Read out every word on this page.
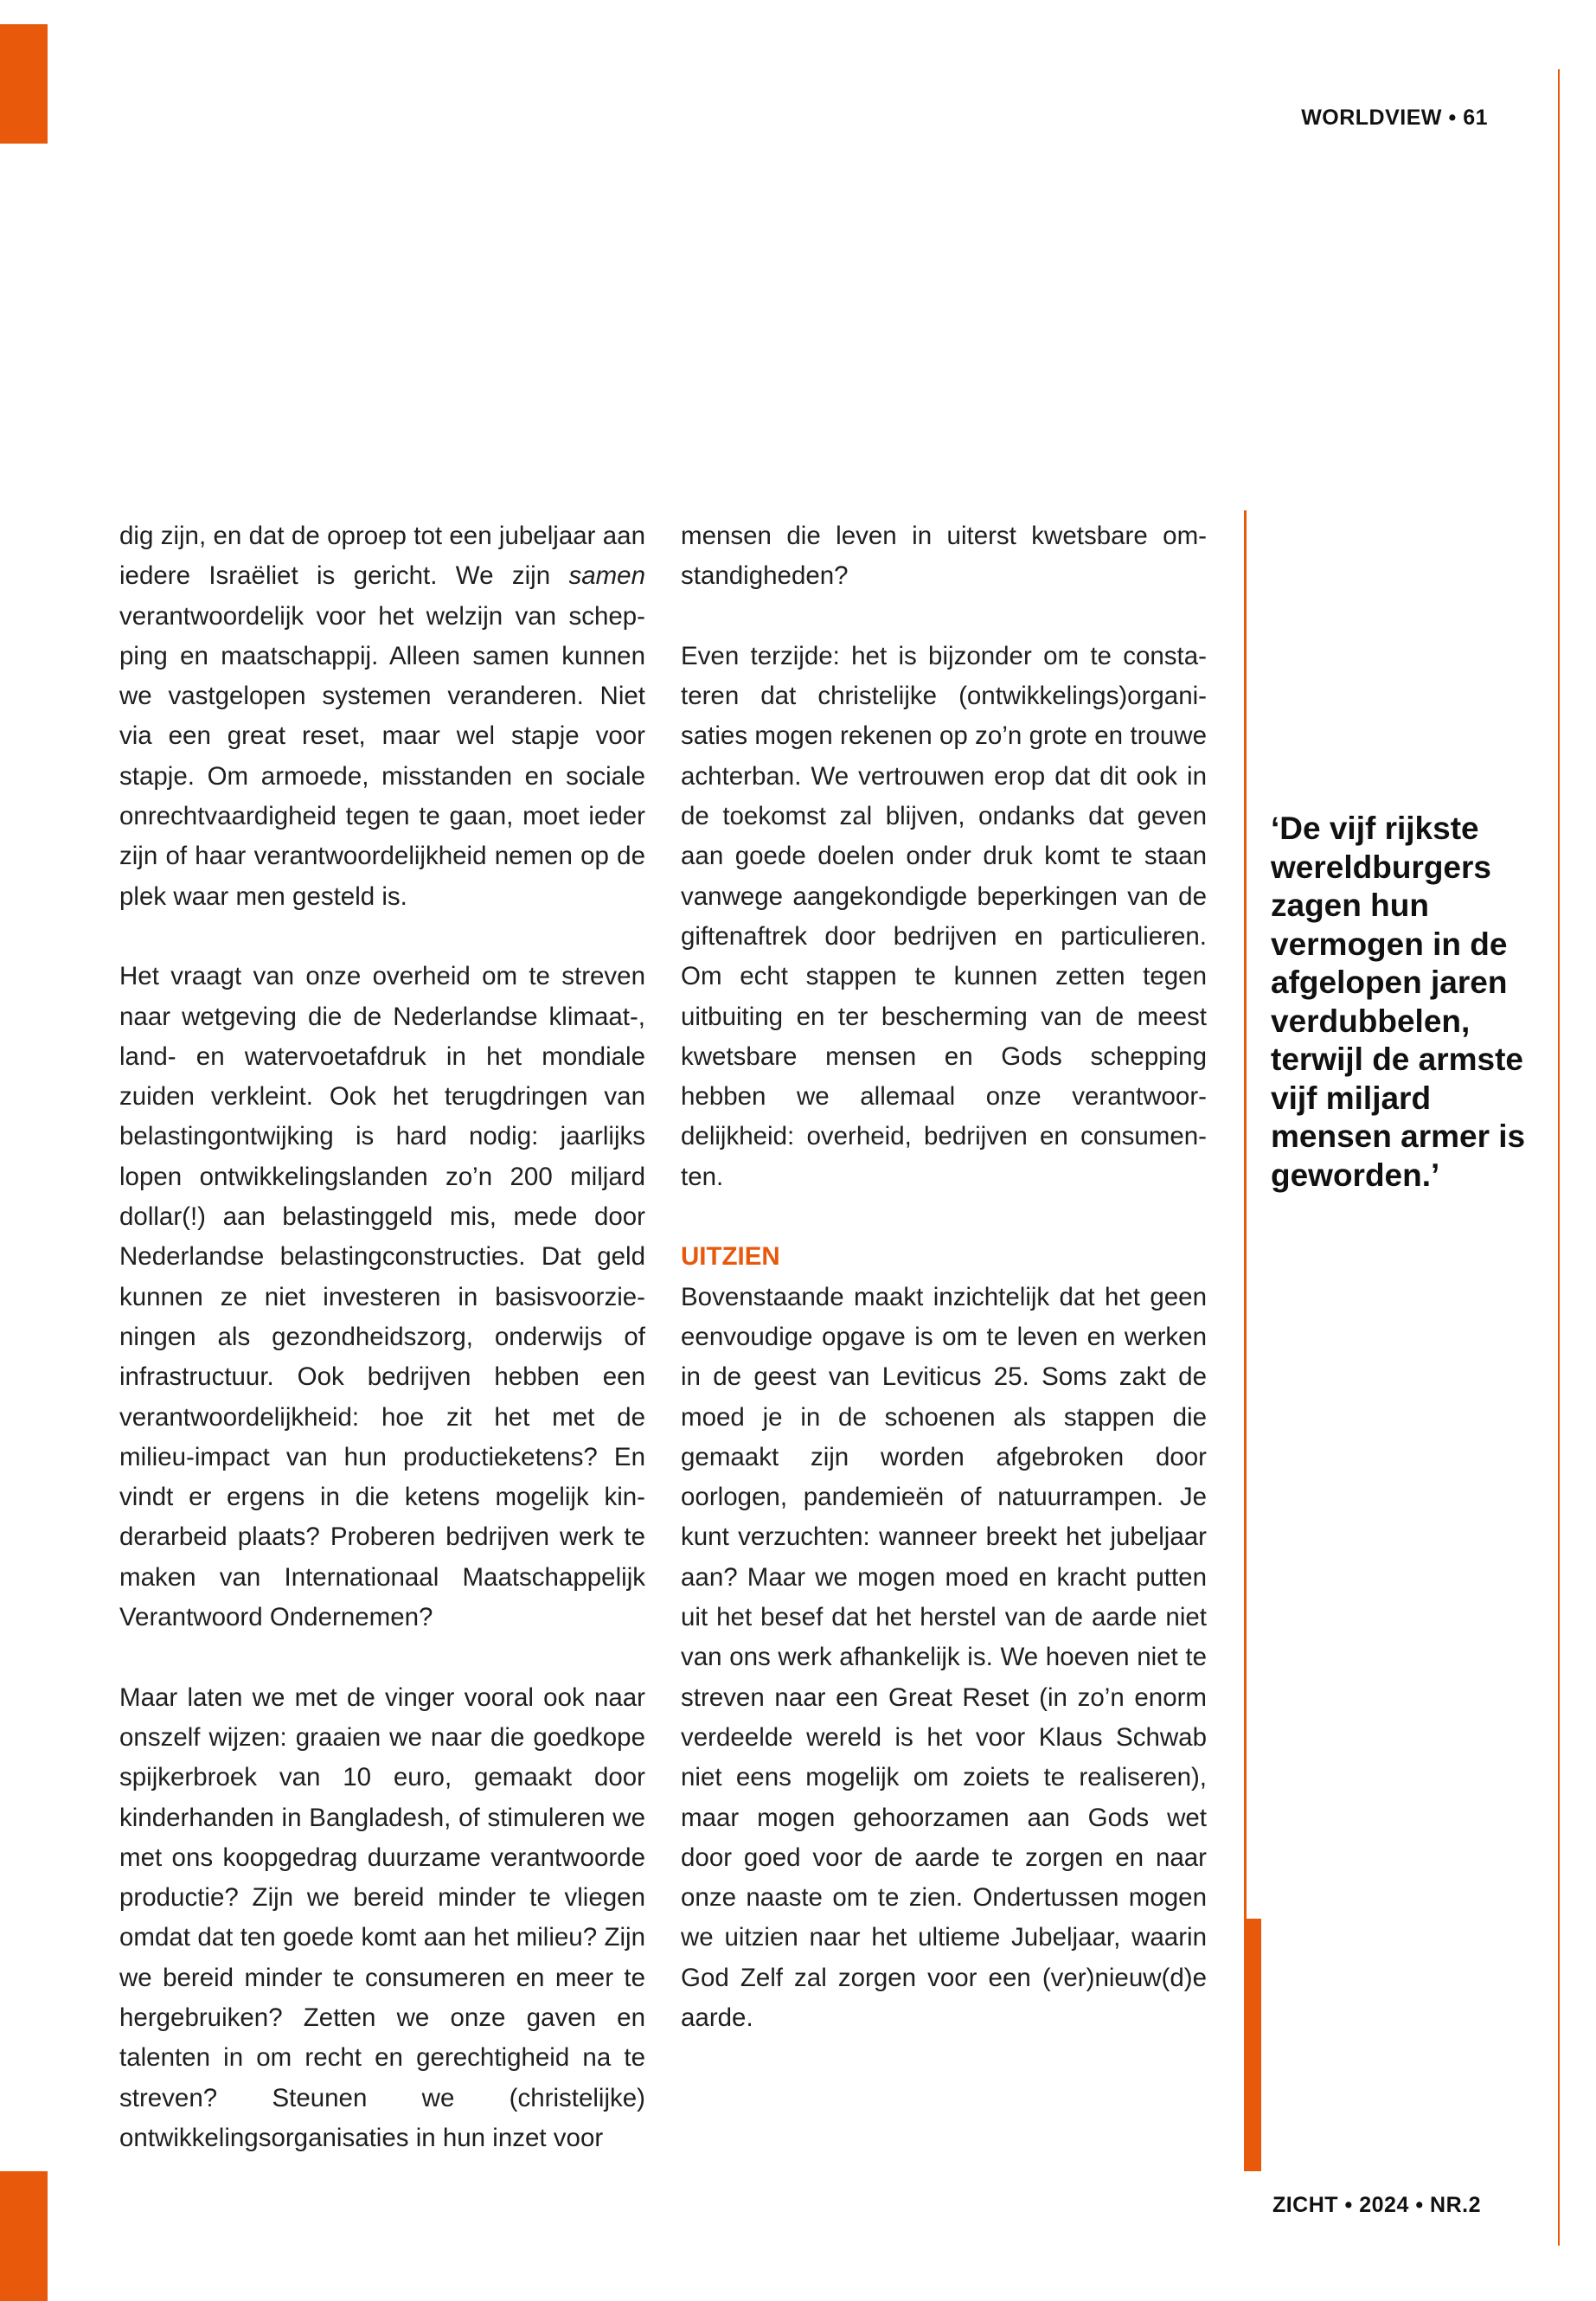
WORLDVIEW • 61

dig zijn, en dat de oproep tot een jubeljaar aan iedere Israëliet is gericht. We zijn samen verantwoordelijk voor het welzijn van schepping en maatschappij. Alleen samen kunnen we vastgelopen systemen veranderen. Niet via een great reset, maar wel stapje voor stapje. Om armoede, misstanden en sociale onrechtvaardigheid tegen te gaan, moet ieder zijn of haar verantwoordelijkheid nemen op de plek waar men gesteld is.

Het vraagt van onze overheid om te streven naar wetgeving die de Nederlandse klimaat-, land- en watervoetafdruk in het mondiale zuiden verkleint. Ook het terugdringen van belastingontwijking is hard nodig: jaarlijks lopen ontwikkelingslanden zo’n 200 miljard dollar(!) aan belastinggeld mis, mede door Nederlandse belastingconstructies. Dat geld kunnen ze niet investeren in basisvoorzieningen als gezondheidszorg, onderwijs of infrastructuur. Ook bedrijven hebben een verantwoordelijkheid: hoe zit het met de milieu-impact van hun productieketens? En vindt er ergens in die ketens mogelijk kinderarbeid plaats? Proberen bedrijven werk te maken van Internationaal Maatschappelijk Verantwoord Ondernemen?

Maar laten we met de vinger vooral ook naar onszelf wijzen: graaien we naar die goedkope spijkerbroek van 10 euro, gemaakt door kinderhanden in Bangladesh, of stimuleren we met ons koopgedrag duurzame verantwoorde productie? Zijn we bereid minder te vliegen omdat dat ten goede komt aan het milieu? Zijn we bereid minder te consumeren en meer te hergebruiken? Zetten we onze gaven en talenten in om recht en gerechtigheid na te streven? Steunen we (christelijke) ontwikkelingsorganisaties in hun inzet voor

mensen die leven in uiterst kwetsbare omstandigheden?

Even terzijde: het is bijzonder om te constateren dat christelijke (ontwikkelings)organisaties mogen rekenen op zo’n grote en trouwe achterban. We vertrouwen erop dat dit ook in de toekomst zal blijven, ondanks dat geven aan goede doelen onder druk komt te staan vanwege aangekondigde beperkingen van de giftenaftrek door bedrijven en particulieren. Om echt stappen te kunnen zetten tegen uitbuiting en ter bescherming van de meest kwetsbare mensen en Gods schepping hebben we allemaal onze verantwoordelijkheid: overheid, bedrijven en consumenten.

UITZIEN

Bovenstaande maakt inzichtelijk dat het geen eenvoudige opgave is om te leven en werken in de geest van Leviticus 25. Soms zakt de moed je in de schoenen als stappen die gemaakt zijn worden afgebroken door oorlogen, pandemieën of natuurrampen. Je kunt verzuchten: wanneer breekt het jubeljaar aan? Maar we mogen moed en kracht putten uit het besef dat het herstel van de aarde niet van ons werk afhankelijk is. We hoeven niet te streven naar een Great Reset (in zo’n enorm verdeelde wereld is het voor Klaus Schwab niet eens mogelijk om zoiets te realiseren), maar mogen gehoorzamen aan Gods wet door goed voor de aarde te zorgen en naar onze naaste om te zien. Ondertussen mogen we uitzien naar het ultieme Jubeljaar, waarin God Zelf zal zorgen voor een (ver)nieuw(d)e aarde.

‘De vijf rijkste wereldburgers zagen hun vermogen in de afgelopen jaren verdubbelen, terwijl de armste vijf miljard mensen armer is geworden.’

ZICHT • 2024 • NR.2
